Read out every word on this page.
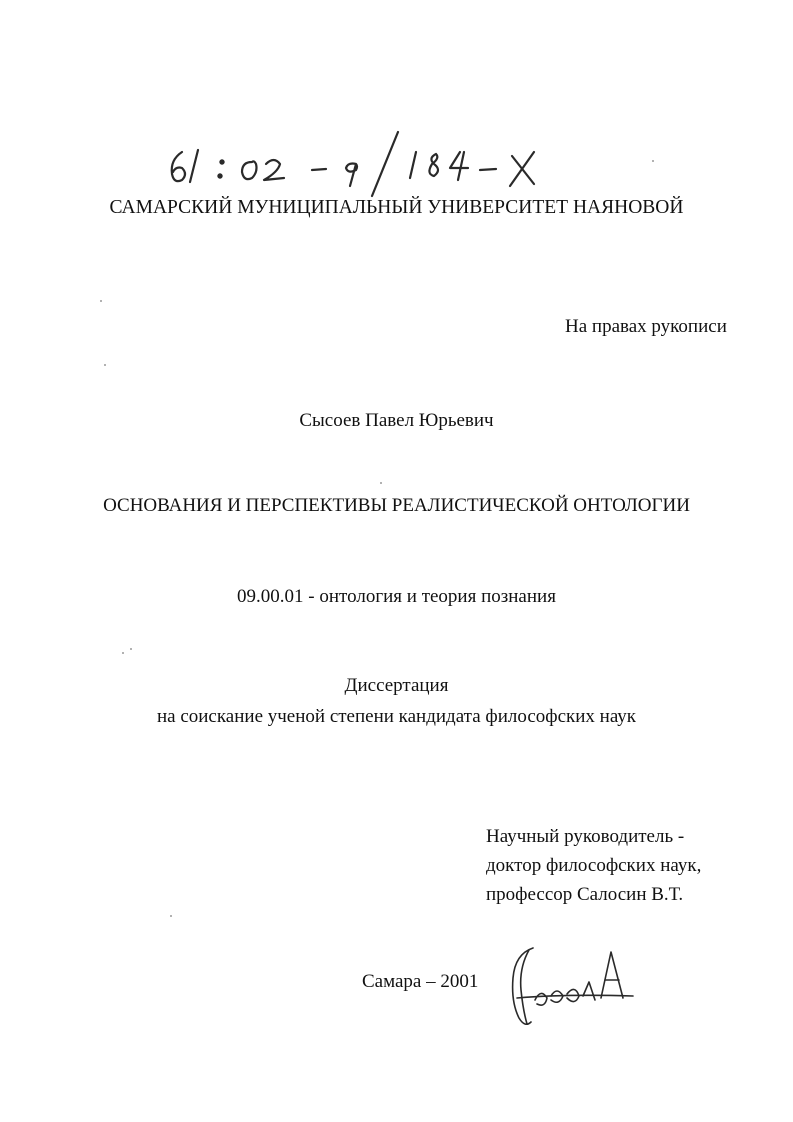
САМАРСКИЙ МУНИЦИПАЛЬНЫЙ УНИВЕРСИТЕТ НАЯНОВОЙ
На правах рукописи
Сысоев Павел Юрьевич
ОСНОВАНИЯ И ПЕРСПЕКТИВЫ РЕАЛИСТИЧЕСКОЙ ОНТОЛОГИИ
09.00.01 - онтология и теория познания
Диссертация
на соискание ученой степени кандидата философских наук
Научный руководитель -
доктор философских наук,
профессор Салосин В.Т.
Самара – 2001
